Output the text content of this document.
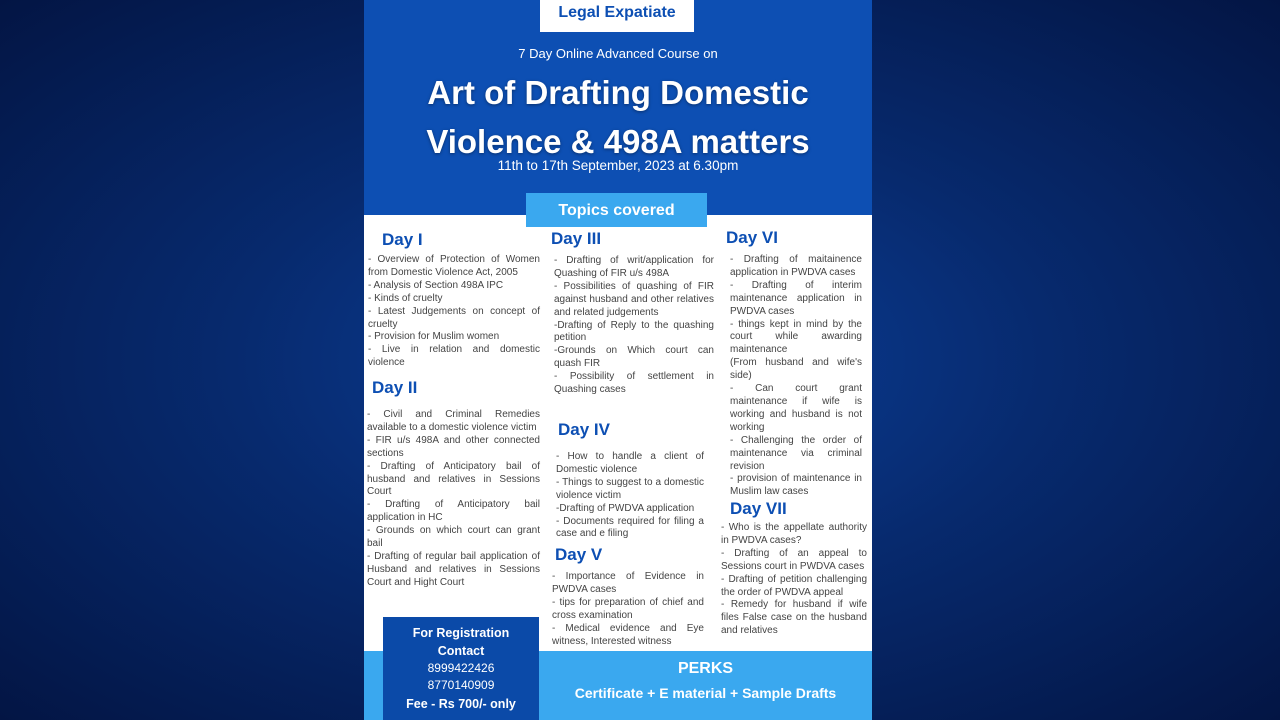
Legal Expatiate
7 Day Online Advanced Course on
Art of Drafting Domestic
Violence & 498A matters
11th to 17th September, 2023 at 6.30pm
Topics covered
Day I
- Overview of Protection of Women from Domestic Violence Act, 2005
- Analysis of Section 498A IPC
- Kinds of cruelty
- Latest Judgements on concept of cruelty
- Provision for Muslim women
- Live in relation and domestic violence
Day II
- Civil and Criminal Remedies available to a domestic violence victim
- FIR u/s 498A and other connected sections
- Drafting of Anticipatory bail of husband and relatives in Sessions Court
- Drafting of Anticipatory bail application in HC
- Grounds on which court can grant bail
- Drafting of regular bail application of Husband and relatives in Sessions Court and Hight Court
Day III
- Drafting of writ/application for Quashing of FIR u/s 498A
- Possibilities of quashing of FIR against husband and other relatives and related judgements
-Drafting of Reply to the quashing petition
-Grounds on Which court can quash FIR
- Possibility of settlement in Quashing cases
Day IV
- How to handle a client of Domestic violence
- Things to suggest to a domestic violence victim
-Drafting of PWDVA application
- Documents required for filing a case and e filing
Day V
- Importance of Evidence in PWDVA cases
- tips for preparation of chief and cross examination
- Medical evidence and Eye witness, Interested witness
Day VI
- Drafting of maitainence application in PWDVA cases
- Drafting of interim maintenance application in PWDVA cases
- things kept in mind by the court while awarding maintenance
(From husband and wife's side)
- Can court grant maintenance if wife is working and husband is not working
- Challenging the order of maintenance via criminal revision
- provision of maintenance in Muslim law cases
Day VII
- Who is the appellate authority in PWDVA cases?
- Drafting of an appeal to Sessions court in PWDVA cases
- Drafting of petition challenging the order of PWDVA appeal
- Remedy for husband if wife files False case on the husband and relatives
PERKS
Certificate + E material + Sample Drafts
For Registration
Contact
8999422426
8770140909
Fee - Rs 700/- only
